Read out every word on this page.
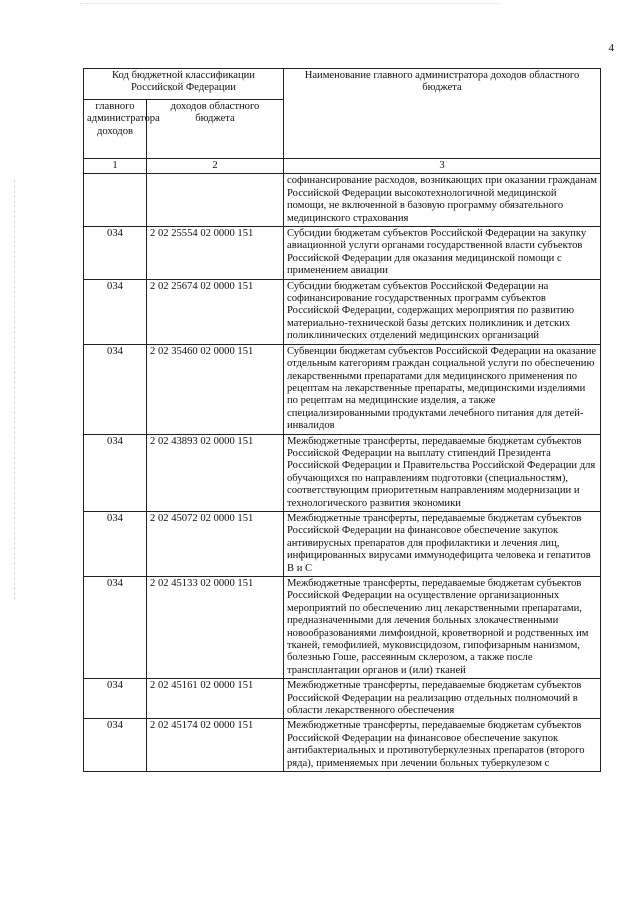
4
Код бюджетной классификации Российской Федерации		Наименование главного администратора доходов областного бюджета
главного администратора доходов	доходов областного бюджета	
1	2	3
		софинансирование расходов, возникающих при оказании гражданам Российской Федерации высокотехнологичной медицинской помощи, не включенной в базовую программу обязательного медицинского страхования
034	2 02 25554 02 0000 151	Субсидии бюджетам субъектов Российской Федерации на закупку авиационной услуги органами государственной власти субъектов Российской Федерации для оказания медицинской помощи с применением авиации
034	2 02 25674 02 0000 151	Субсидии бюджетам субъектов Российской Федерации на софинансирование государственных программ субъектов Российской Федерации, содержащих мероприятия по развитию материально-технической базы детских поликлиник и детских поликлинических отделений медицинских организаций
034	2 02 35460 02 0000 151	Субвенции бюджетам субъектов Российской Федерации на оказание отдельным категориям граждан социальной услуги по обеспечению лекарственными препаратами для медицинского применения по рецептам на лекарственные препараты, медицинскими изделиями по рецептам на медицинские изделия, а также специализированными продуктами лечебного питания для детей-инвалидов
034	2 02 43893 02 0000 151	Межбюджетные трансферты, передаваемые бюджетам субъектов Российской Федерации на выплату стипендий Президента Российской Федерации и Правительства Российской Федерации для обучающихся по направлениям подготовки (специальностям), соответствующим приоритетным направлениям модернизации и технологического развития экономики
034	2 02 45072 02 0000 151	Межбюджетные трансферты, передаваемые бюджетам субъектов Российской Федерации на финансовое обеспечение закупок антивирусных препаратов для профилактики и лечения лиц, инфицированных вирусами иммунодефицита человека и гепатитов B и C
034	2 02 45133 02 0000 151	Межбюджетные трансферты, передаваемые бюджетам субъектов Российской Федерации на осуществление организационных мероприятий по обеспечению лиц лекарственными препаратами, предназначенными для лечения больных злокачественными новообразованиями лимфоидной, кроветворной и родственных им тканей, гемофилией, муковисцидозом, гипофизарным нанизмом, болезнью Гоше, рассеянным склерозом, а также после трансплантации органов и (или) тканей
034	2 02 45161 02 0000 151	Межбюджетные трансферты, передаваемые бюджетам субъектов Российской Федерации на реализацию отдельных полномочий в области лекарственного обеспечения
034	2 02 45174 02 0000 151	Межбюджетные трансферты, передаваемые бюджетам субъектов Российской Федерации на финансовое обеспечение закупок антибактериальных и противотуберкулезных препаратов (второго ряда), применяемых при лечении больных туберкулезом с
